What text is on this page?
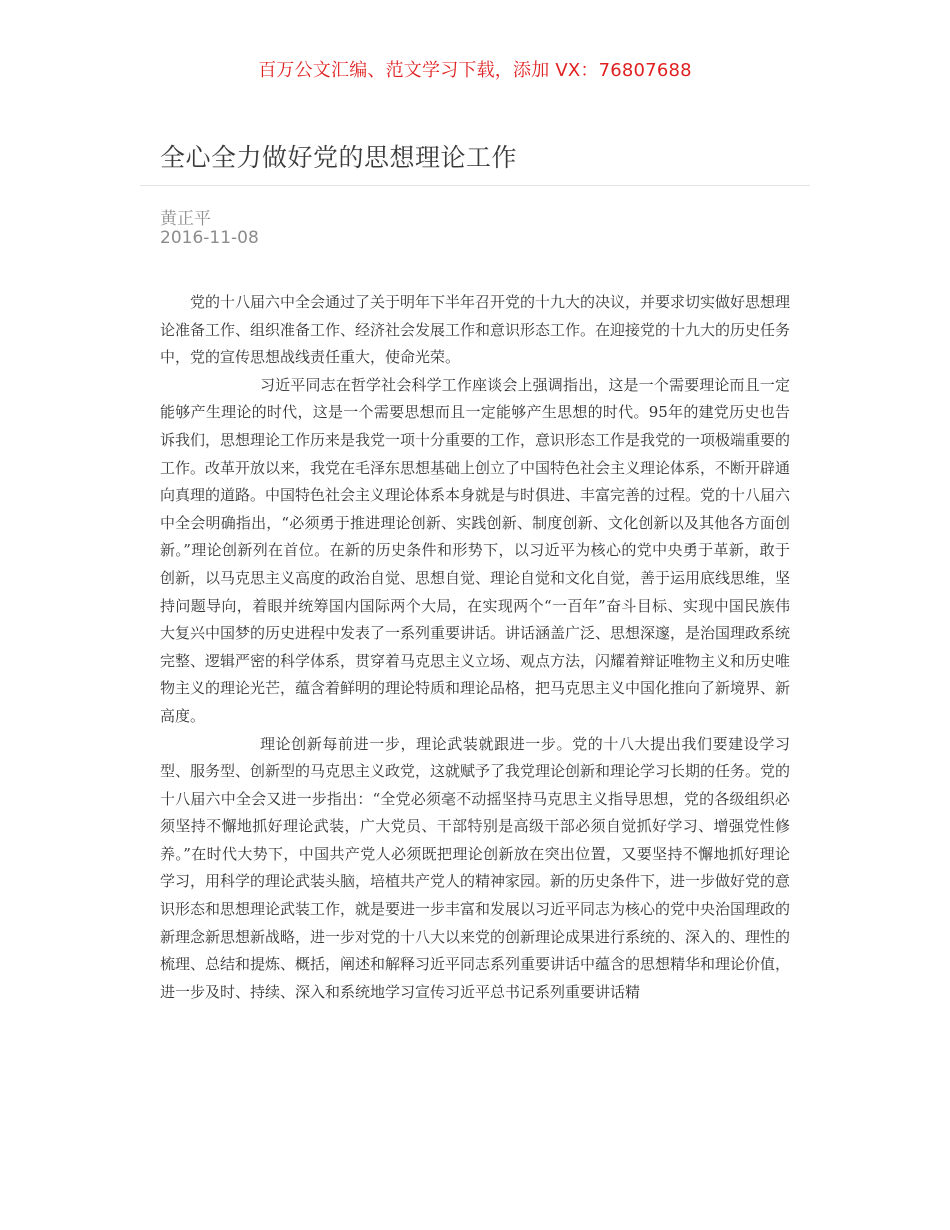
百万公文汇编、范文学习下载，添加 VX：76807688
全心全力做好党的思想理论工作
黄正平
2016-11-08

党的十八届六中全会通过了关于明年下半年召开党的十九大的决议，并要求切实做好思想理论准备工作、组织准备工作、经济社会发展工作和意识形态工作。在迎接党的十九大的历史任务中，党的宣传思想战线责任重大，使命光荣。

习近平同志在哲学社会科学工作座谈会上强调指出，这是一个需要理论而且一定能够产生理论的时代，这是一个需要思想而且一定能够产生思想的时代。95年的建党历史也告诉我们，思想理论工作历来是我党一项十分重要的工作，意识形态工作是我党的一项极端重要的工作。改革开放以来，我党在毛泽东思想基础上创立了中国特色社会主义理论体系，不断开辟通向真理的道路。中国特色社会主义理论体系本身就是与时俱进、丰富完善的过程。党的十八届六中全会明确指出，“必须勇于推进理论创新、实践创新、制度创新、文化创新以及其他各方面创新。”理论创新列在首位。在新的历史条件和形势下，以习近平为核心的党中央勇于革新，敢于创新，以马克思主义高度的政治自觉、思想自觉、理论自觉和文化自觉，善于运用底线思维，坚持问题导向，着眼并统筹国内国际两个大局，在实现两个“一百年”奋斗目标、实现中国民族伟大复兴中国梦的历史进程中发表了一系列重要讲话。讲话涵盖广泛、思想深邃，是治国理政系统完整、逻辑严密的科学体系，贯穿着马克思主义立场、观点方法，闪耀着辩证唯物主义和历史唯物主义的理论光芒，蕴含着鲜明的理论特质和理论品格，把马克思主义中国化推向了新境界、新高度。

理论创新每前进一步，理论武装就跟进一步。党的十八大提出我们要建设学习型、服务型、创新型的马克思主义政党，这就赋予了我党理论创新和理论学习长期的任务。党的十八届六中全会又进一步指出：“全党必须毫不动摇坚持马克思主义指导思想，党的各级组织必须坚持不懈地抓好理论武装，广大党员、干部特别是高级干部必须自觉抓好学习、增强党性修养。”在时代大势下，中国共产党人必须既把理论创新放在突出位置，又要坚持不懈地抓好理论学习，用科学的理论武装头脑，培植共产党人的精神家园。新的历史条件下，进一步做好党的意识形态和思想理论武装工作，就是要进一步丰富和发展以习近平同志为核心的党中央治国理政的新理念新思想新战略，进一步对党的十八大以来党的创新理论成果进行系统的、深入的、理性的梳理、总结和提炼、概括，阐述和解释习近平同志系列重要讲话中蕴含的思想精华和理论价值，进一步及时、持续、深入和系统地学习宣传习近平总书记系列重要讲话精
